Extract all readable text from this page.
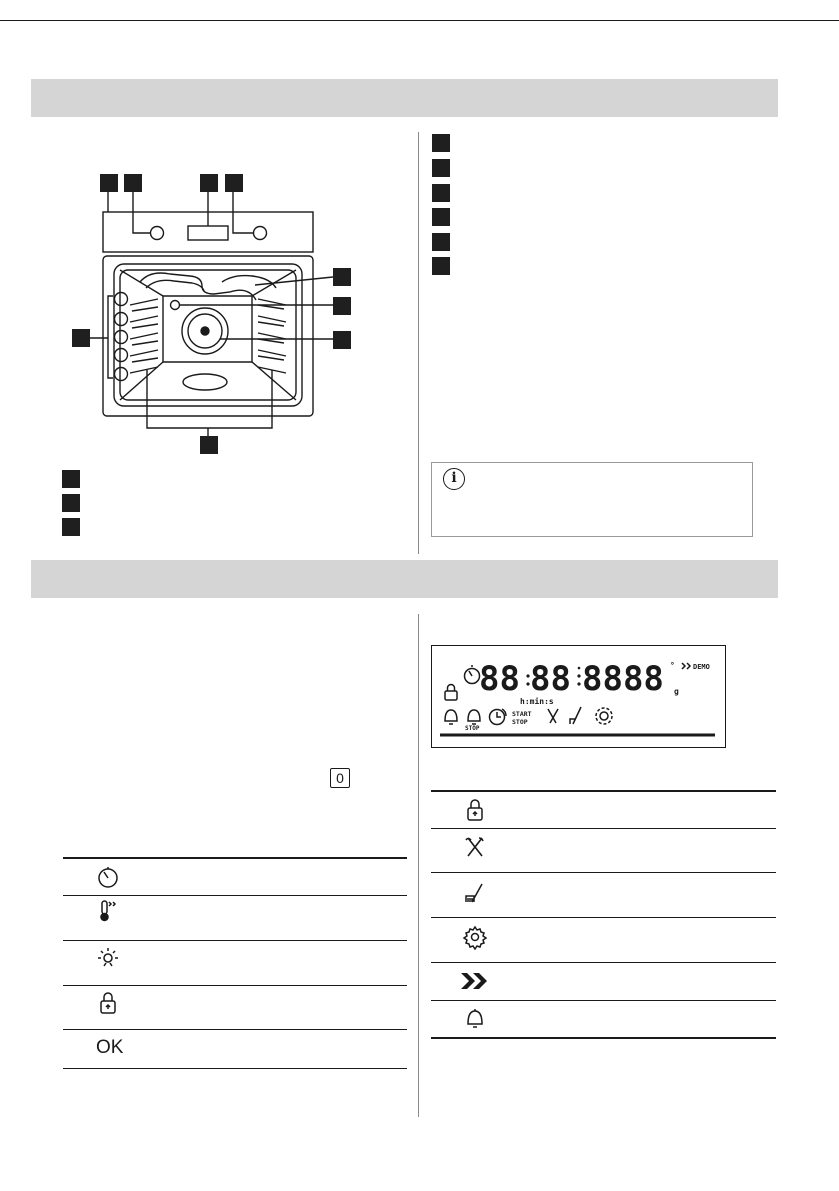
i
0
OK
88 88 8888
h:min:s
°
g
DEMO
START
STOP
STOP
